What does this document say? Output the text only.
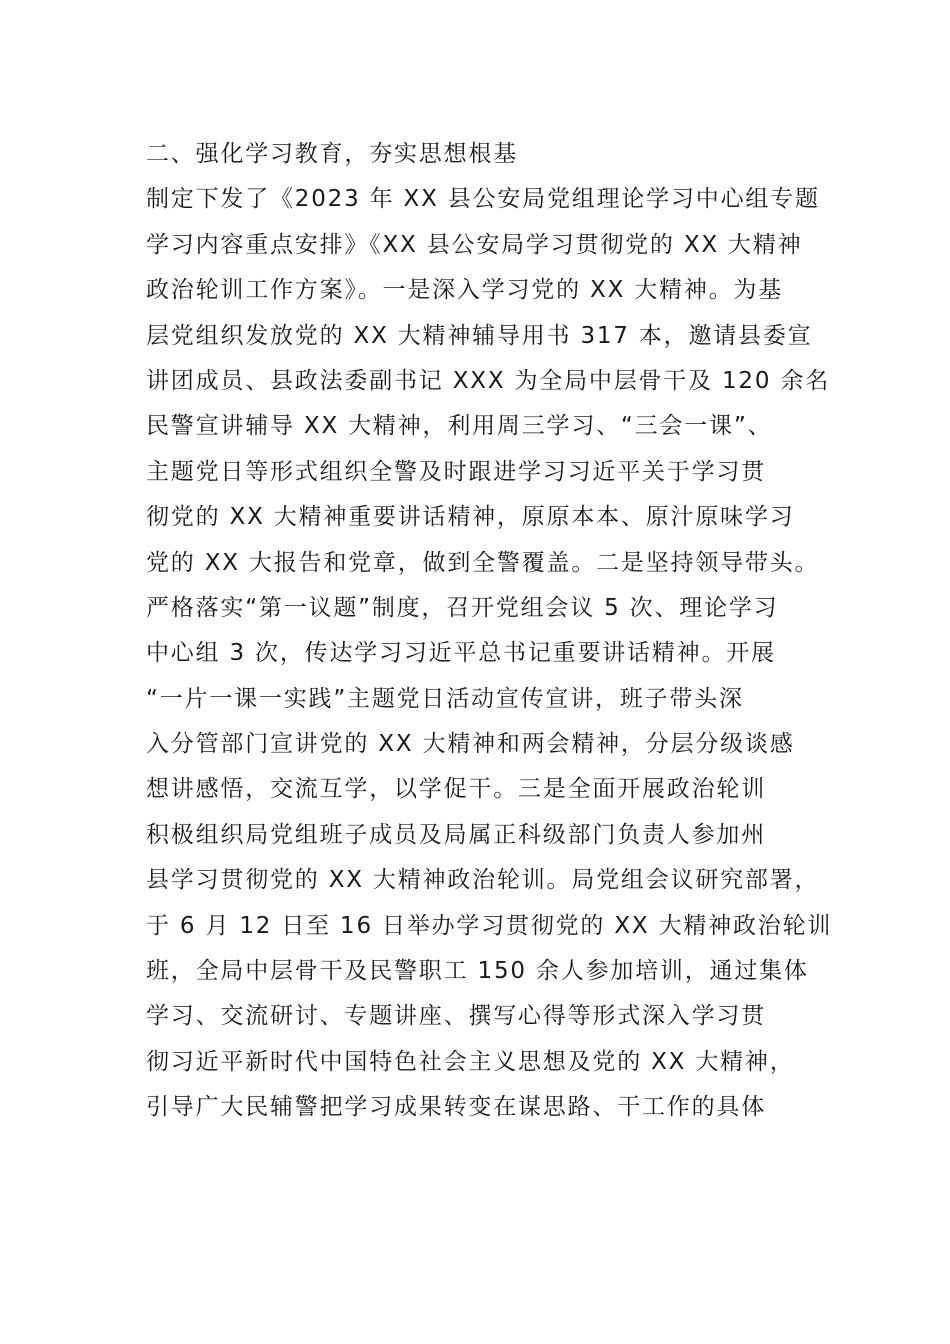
二、强化学习教育，夯实思想根基
制定下发了《2023 年 XX 县公安局党组理论学习中心组专题
学习内容重点安排》《XX 县公安局学习贯彻党的 XX 大精神
政治轮训工作方案》。一是深入学习党的 XX 大精神。为基
层党组织发放党的 XX 大精神辅导用书 317 本，邀请县委宣
讲团成员、县政法委副书记 XXX 为全局中层骨干及 120 余名
民警宣讲辅导 XX 大精神，利用周三学习、“三会一课”、
主题党日等形式组织全警及时跟进学习习近平关于学习贯
彻党的 XX 大精神重要讲话精神，原原本本、原汁原味学习
党的 XX 大报告和党章，做到全警覆盖。二是坚持领导带头。
严格落实“第一议题”制度，召开党组会议 5 次、理论学习
中心组 3 次，传达学习习近平总书记重要讲话精神。开展
“一片一课一实践”主题党日活动宣传宣讲，班子带头深
入分管部门宣讲党的 XX 大精神和两会精神，分层分级谈感
想讲感悟，交流互学，以学促干。三是全面开展政治轮训
积极组织局党组班子成员及局属正科级部门负责人参加州
县学习贯彻党的 XX 大精神政治轮训。局党组会议研究部署，
于 6 月 12 日至 16 日举办学习贯彻党的 XX 大精神政治轮训
班，全局中层骨干及民警职工 150 余人参加培训，通过集体
学习、交流研讨、专题讲座、撰写心得等形式深入学习贯
彻习近平新时代中国特色社会主义思想及党的 XX 大精神，
引导广大民辅警把学习成果转变在谋思路、干工作的具体
